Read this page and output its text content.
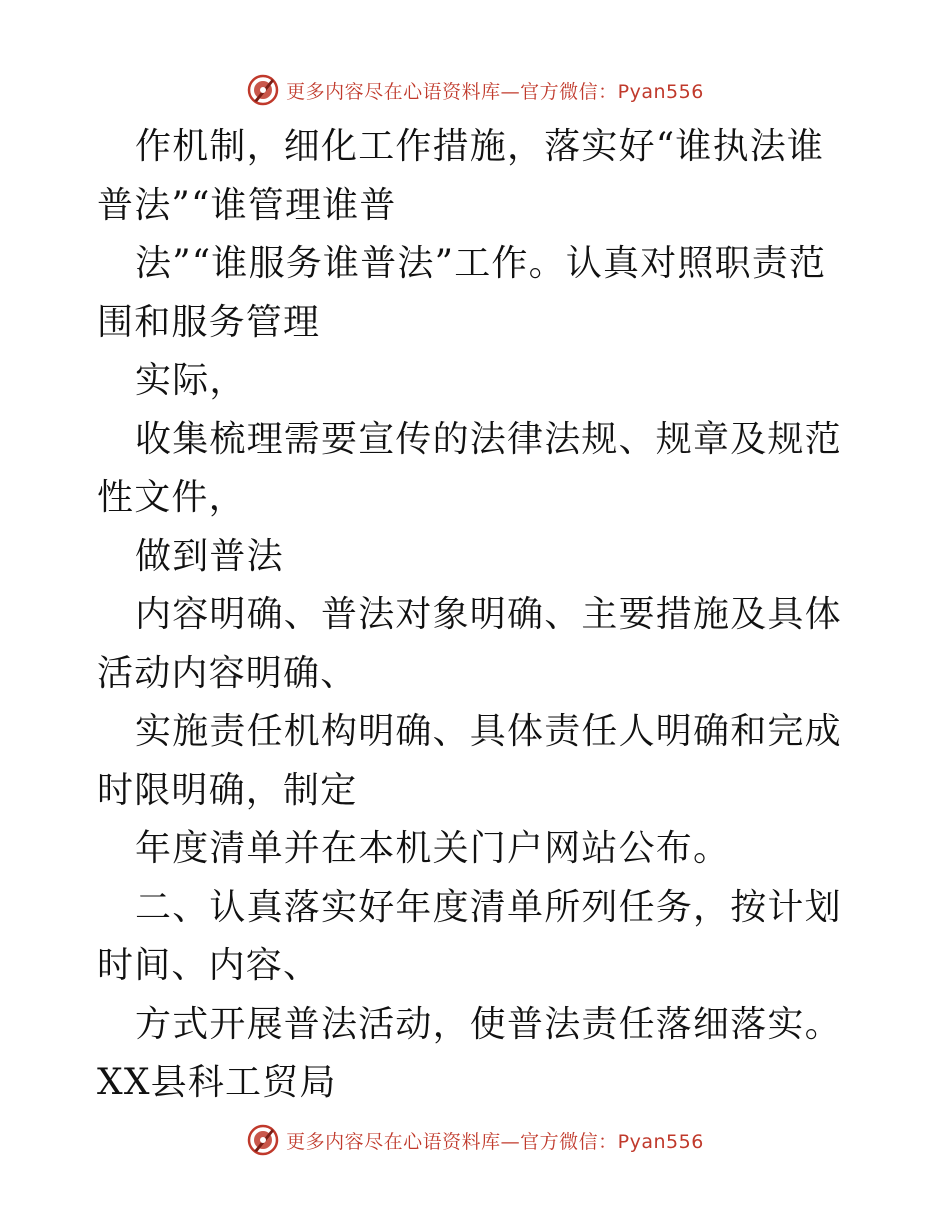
更多内容尽在心语资料库—官方微信：Pyan556

作机制，细化工作措施，落实好“谁执法谁普法”“谁管理谁普

法”“谁服务谁普法”工作。认真对照职责范围和服务管理

实际，

收集梳理需要宣传的法律法规、规章及规范性文件，

做到普法

内容明确、普法对象明确、主要措施及具体活动内容明确、

实施责任机构明确、具体责任人明确和完成时限明确，制定

年度清单并在本机关门户网站公布。

二、认真落实好年度清单所列任务，按计划时间、内容、

方式开展普法活动，使普法责任落细落实。XX县科工贸局

更多内容尽在心语资料库—官方微信：Pyan556
